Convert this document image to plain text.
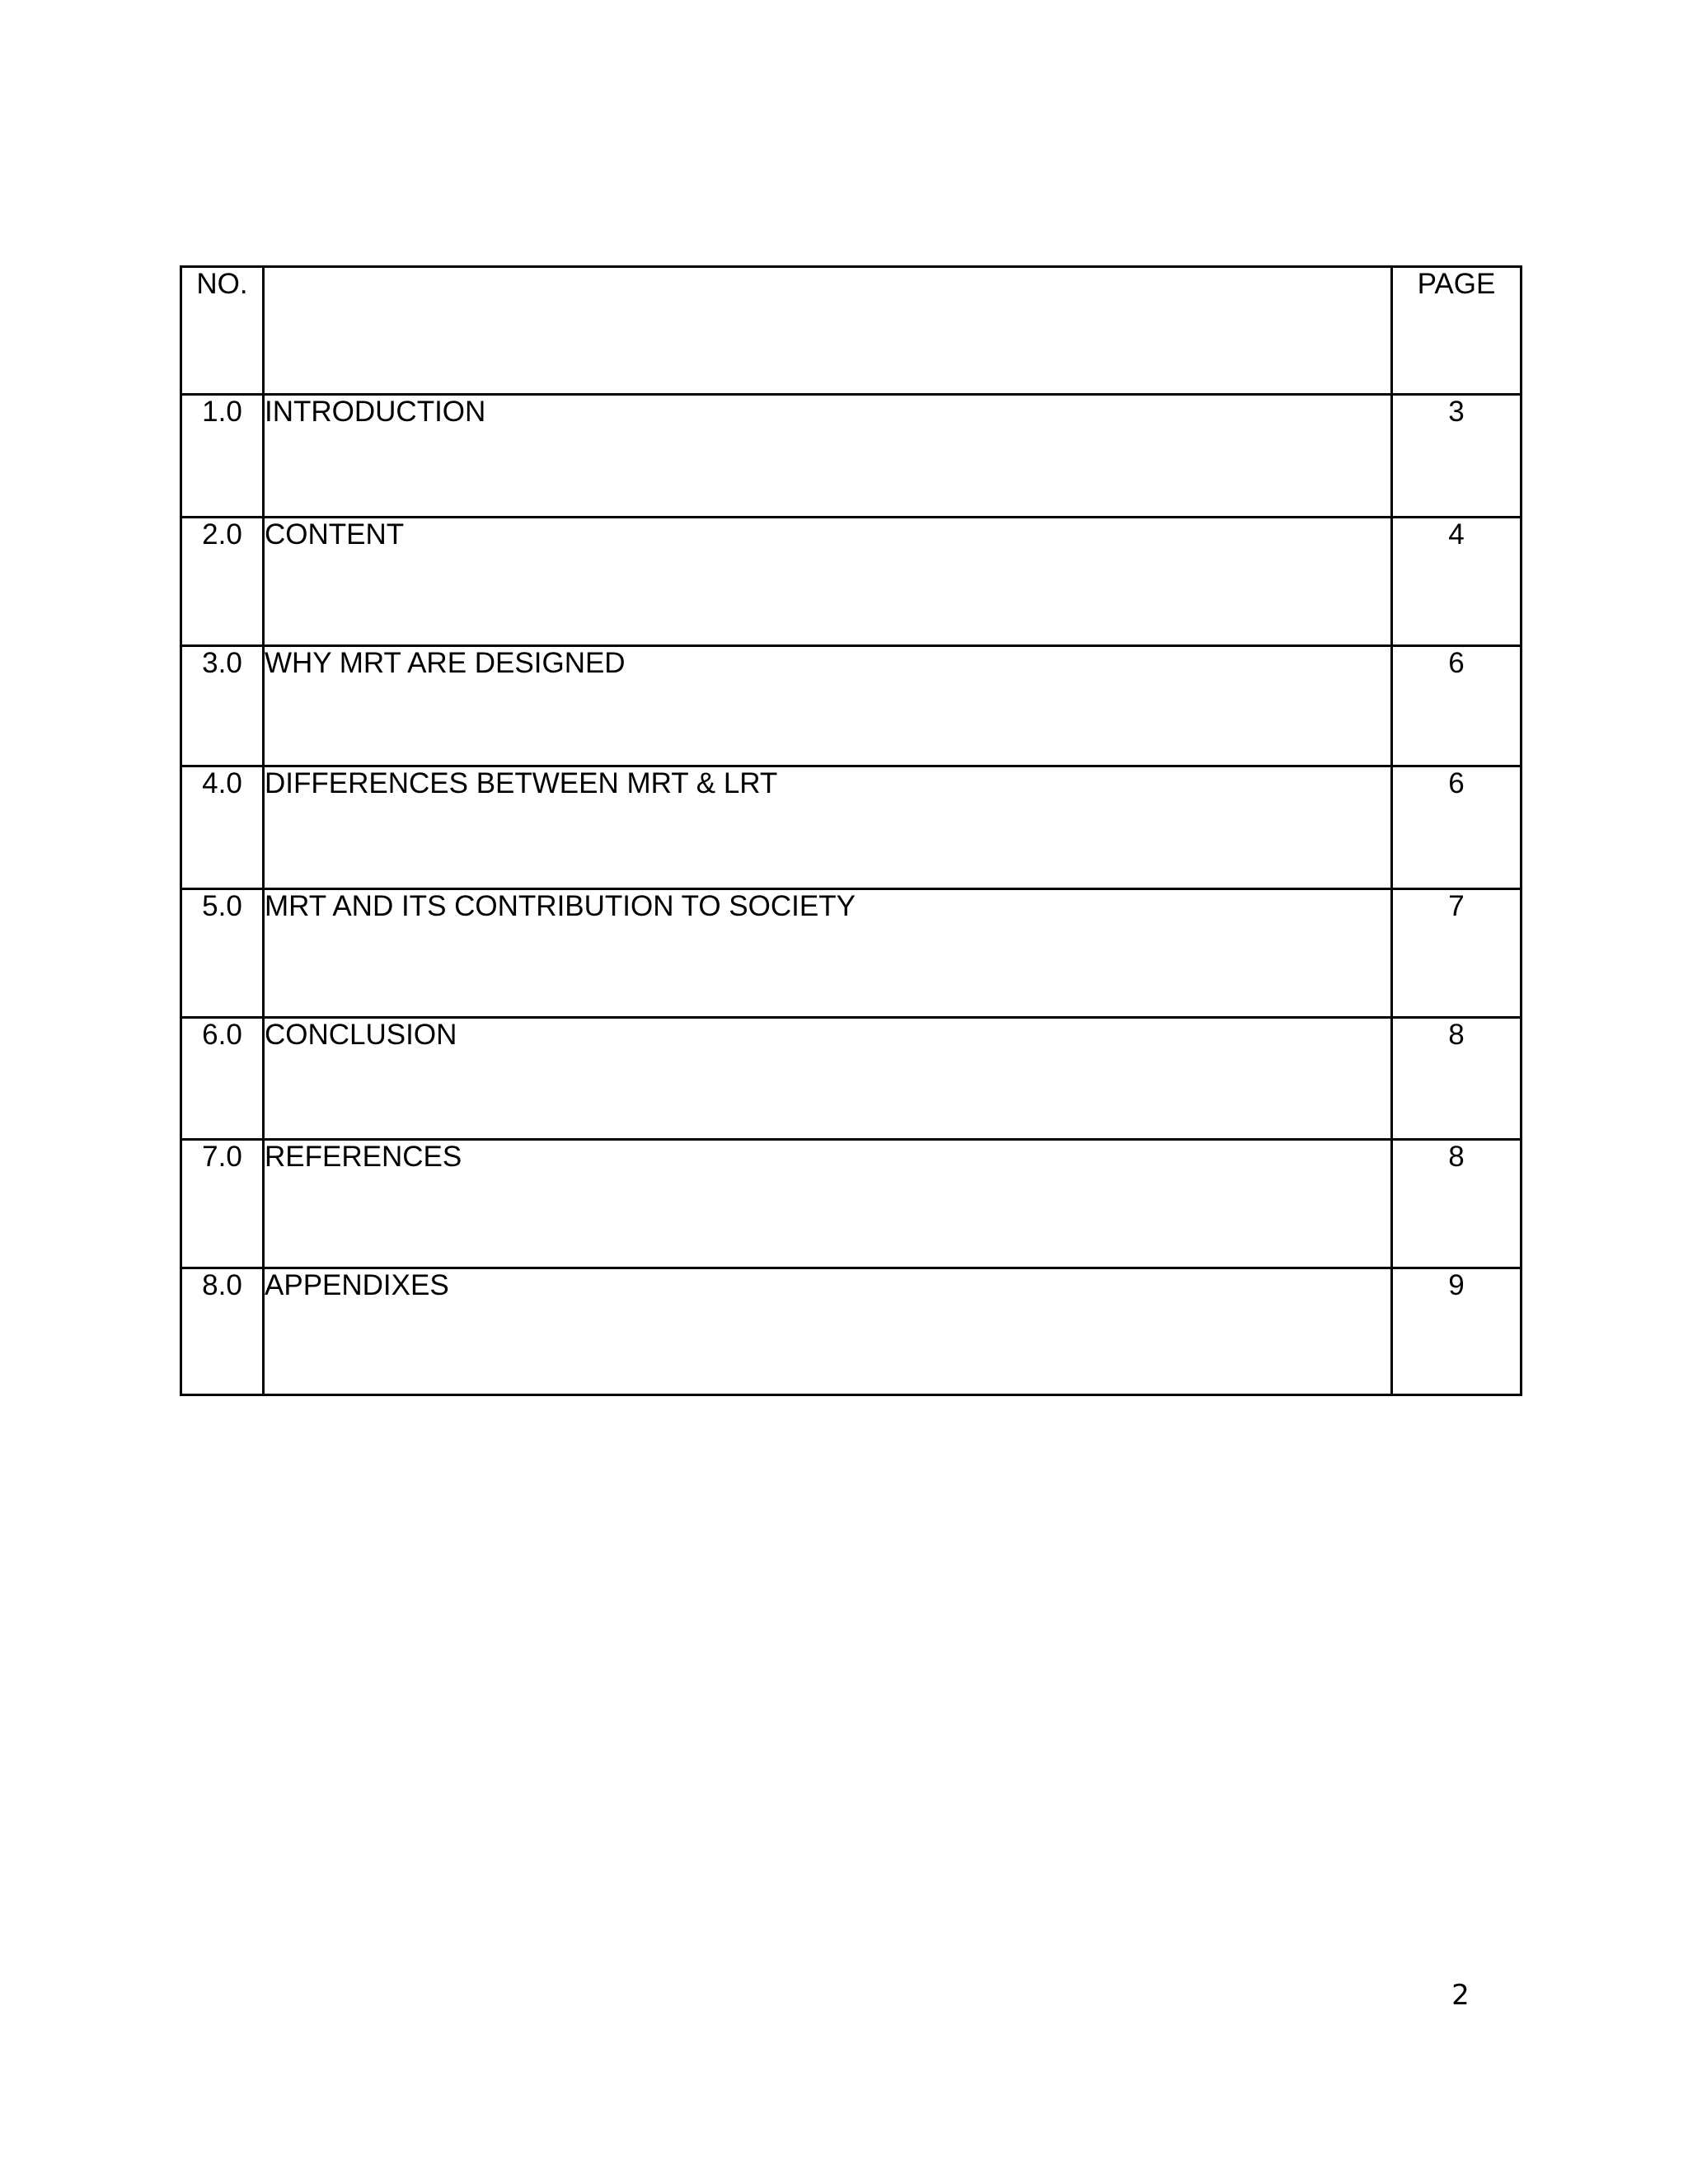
NO.		PAGE
1.0	INTRODUCTION	3
2.0	CONTENT	4
3.0	WHY MRT ARE DESIGNED	6
4.0	DIFFERENCES BETWEEN MRT & LRT	6
5.0	MRT AND ITS CONTRIBUTION TO SOCIETY	7
6.0	CONCLUSION	8
7.0	REFERENCES	8
8.0	APPENDIXES	9
2
